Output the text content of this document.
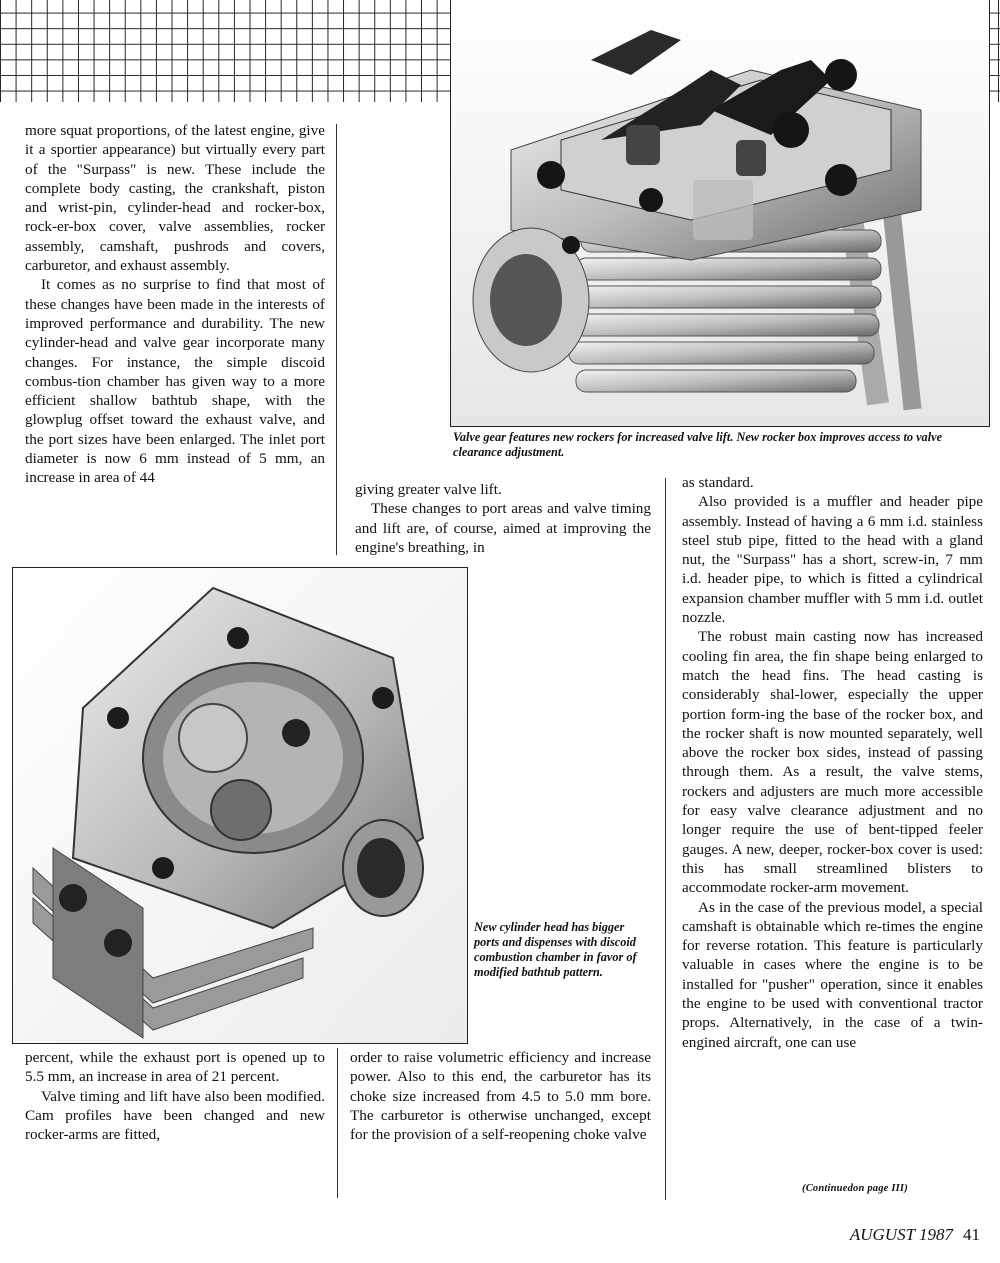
more squat proportions, of the latest engine, give it a sportier appearance) but virtually every part of the "Surpass" is new. These include the complete body casting, the crankshaft, piston and wrist-pin, cylinder-head and rocker-box, rock-er-box cover, valve assemblies, rocker assembly, camshaft, pushrods and covers, carburetor, and exhaust assembly.

It comes as no surprise to find that most of these changes have been made in the interests of improved performance and durability. The new cylinder-head and valve gear incorporate many changes. For instance, the simple discoid combus-tion chamber has given way to a more efficient shallow bathtub shape, with the glowplug offset toward the exhaust valve, and the port sizes have been enlarged. The inlet port diameter is now 6 mm instead of 5 mm, an increase in area of 44

Valve gear features new rockers for increased valve lift. New rocker box improves access to valve clearance adjustment.

giving greater valve lift.

These changes to port areas and valve timing and lift are, of course, aimed at improving the engine's breathing, in

as standard.

Also provided is a muffler and header pipe assembly. Instead of having a 6 mm i.d. stainless steel stub pipe, fitted to the head with a gland nut, the "Surpass" has a short, screw-in, 7 mm i.d. header pipe, to which is fitted a cylindrical expansion chamber muffler with 5 mm i.d. outlet nozzle.

The robust main casting now has increased cooling fin area, the fin shape being enlarged to match the head fins. The head casting is considerably shal-lower, especially the upper portion form-ing the base of the rocker box, and the rocker shaft is now mounted separately, well above the rocker box sides, instead of passing through them. As a result, the valve stems, rockers and adjusters are much more accessible for easy valve clearance adjustment and no longer require the use of bent-tipped feeler gauges. A new, deeper, rocker-box cover is used: this has small streamlined blisters to accommodate rocker-arm movement.

As in the case of the previous model, a special camshaft is obtainable which re-times the engine for reverse rotation. This feature is particularly valuable in cases where the engine is to be installed for "pusher" operation, since it enables the engine to be used with conventional tractor props. Alternatively, in the case of a twin-engined aircraft, one can use

(Continuedon page III)

New cylinder head has bigger ports and dispenses with discoid combustion chamber in favor of modified bathtub pattern.

percent, while the exhaust port is opened up to 5.5 mm, an increase in area of 21 percent.

Valve timing and lift have also been modified. Cam profiles have been changed and new rocker-arms are fitted,

order to raise volumetric efficiency and increase power. Also to this end, the carburetor has its choke size increased from 4.5 to 5.0 mm bore. The carburetor is otherwise unchanged, except for the provision of a self-reopening choke valve

AUGUST 1987 41
